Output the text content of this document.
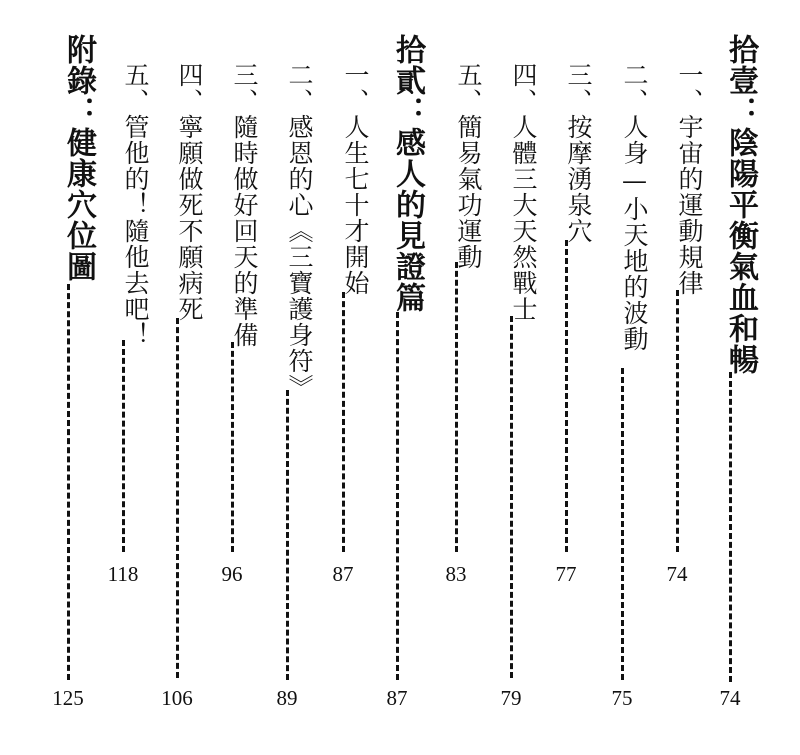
拾壹：陰陽平衡氣血和暢
74
一、宇宙的運動規律
74
二、人身—小天地的波動
75
三、按摩湧泉穴
77
四、人體三大天然戰士
79
五、簡易氣功運動
83
拾貳：感人的見證篇
87
一、人生七十才開始
87
二、感恩的心《三寶護身符》
89
三、隨時做好回天的準備
96
四、寧願做死不願病死
106
五、管他的！隨他去吧！
118
附錄：健康穴位圖
125
